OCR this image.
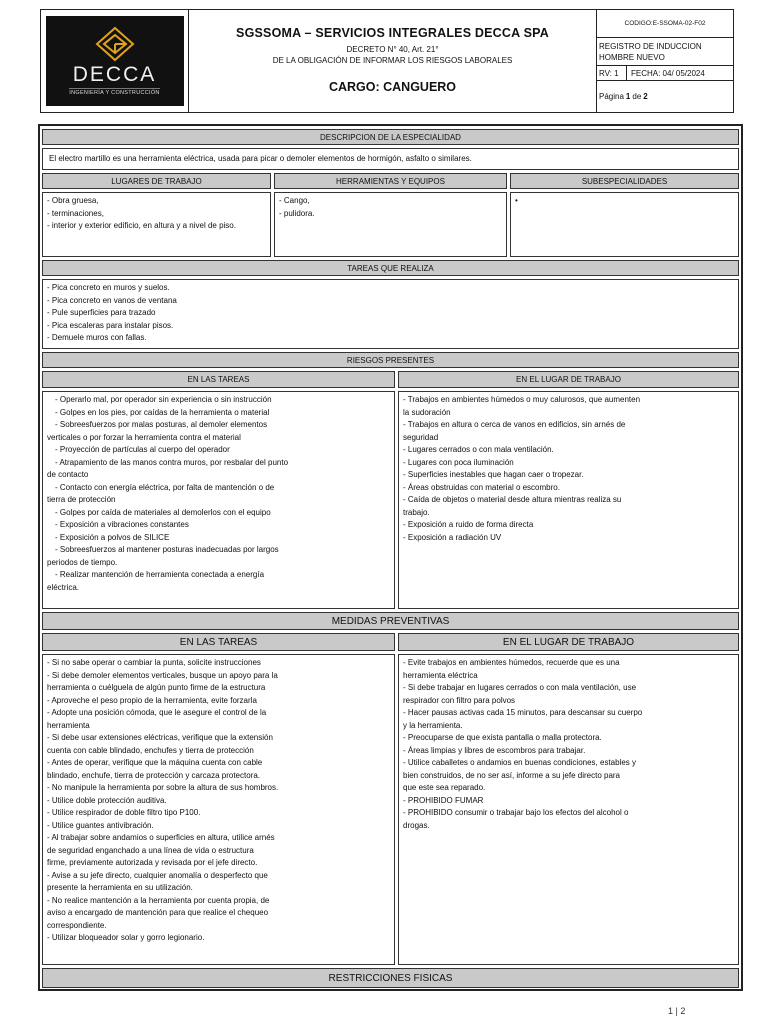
DECCA
INGENIERÍA Y CONSTRUCCIÓN
SGSSOMA – SERVICIOS INTEGRALES DECCA SPA
DECRETO N° 40, Art. 21°
DE LA OBLIGACIÓN DE INFORMAR LOS RIESGOS LABORALES
CARGO: CANGUERO
CODIGO:E-SSOMA-02-F02
REGISTRO DE INDUCCION HOMBRE NUEVO
RV: 1	FECHA: 04/ 05/2024
Página 1 de 2
DESCRIPCION DE LA ESPECIALIDAD
El electro martillo es una herramienta eléctrica, usada para picar o demoler elementos de hormigón, asfalto o similares.
LUGARES DE TRABAJO	HERRAMIENTAS Y EQUIPOS	SUBESPECIALIDADES
- Obra gruesa,
- terminaciones,
- interior y exterior edificio, en altura y a nivel de piso.
- Cango,
- pulidora.
•
TAREAS QUE REALIZA
- Pica concreto en muros y suelos.
- Pica concreto en vanos de ventana
- Pule superficies para trazado
- Pica escaleras para instalar pisos.
- Demuele muros con fallas.
RIESGOS PRESENTES
EN LAS TAREAS	EN EL LUGAR DE TRABAJO
- Operarlo mal, por operador sin experiencia o sin instrucción
- Golpes en los pies, por caídas de la herramienta o material
- Sobreesfuerzos por malas posturas, al demoler elementos
verticales o por forzar la herramienta contra el material
- Proyección de partículas al cuerpo del operador
- Atrapamiento de las manos contra muros, por resbalar del punto
de contacto
- Contacto con energía eléctrica, por falta de mantención o de
tierra de protección
- Golpes por caída de materiales al demolerlos con el equipo
- Exposición a vibraciones constantes
- Exposición a polvos de SILICE
- Sobreesfuerzos al mantener posturas inadecuadas por largos
periodos de tiempo.
- Realizar mantención de herramienta conectada a energía
eléctrica.
- Trabajos en ambientes húmedos o muy calurosos, que aumenten
la sudoración
- Trabajos en altura o cerca de vanos en edificios, sin arnés de
seguridad
- Lugares cerrados o con mala ventilación.
- Lugares con poca iluminación
- Superficies inestables que hagan caer o tropezar.
- Áreas obstruidas con material o escombro.
- Caída de objetos o material desde altura mientras realiza su
trabajo.
- Exposición a ruido de forma directa
- Exposición a radiación UV
MEDIDAS PREVENTIVAS
EN LAS TAREAS	EN EL LUGAR DE TRABAJO
- Si no sabe operar o cambiar la punta, solicite instrucciones
- Si debe demoler elementos verticales, busque un apoyo para la
herramienta o cuélguela de algún punto firme de la estructura
- Aproveche el peso propio de la herramienta, evite forzarla
- Adopte una posición cómoda, que le asegure el control de la
herramienta
- Si debe usar extensiones eléctricas, verifique que la extensión
cuenta con cable blindado, enchufes y tierra de protección
- Antes de operar, verifique que la máquina cuenta con cable
blindado, enchufe, tierra de protección y carcaza protectora.
- No manipule la herramienta por sobre la altura de sus hombros.
- Utilice doble protección auditiva.
- Utilice respirador de doble filtro tipo P100.
- Utilice guantes antivibración.
- Al trabajar sobre andamios o superficies en altura, utilice arnés
de seguridad enganchado a una línea de vida o estructura
firme, previamente autorizada y revisada por el jefe directo.
- Avise a su jefe directo, cualquier anomalía o desperfecto que
presente la herramienta en su utilización.
- No realice mantención a la herramienta por cuenta propia, de
aviso a encargado de mantención para que realice el chequeo
correspondiente.
- Utilizar bloqueador solar y gorro legionario.
- Evite trabajos en ambientes húmedos, recuerde que es una
herramienta eléctrica
- Si debe trabajar en lugares cerrados o con mala ventilación, use
respirador con filtro para polvos
- Hacer pausas activas cada 15 minutos, para descansar su cuerpo
y la herramienta.
- Preocuparse de que exista pantalla o malla protectora.
- Áreas limpias y libres de escombros para trabajar.
- Utilice caballetes o andamios en buenas condiciones, estables y
bien construidos, de no ser así, informe a su jefe directo para
que este sea reparado.
- PROHIBIDO FUMAR
- PROHIBIDO consumir o trabajar bajo los efectos del alcohol o
drogas.
RESTRICCIONES FISICAS
1 | 2
